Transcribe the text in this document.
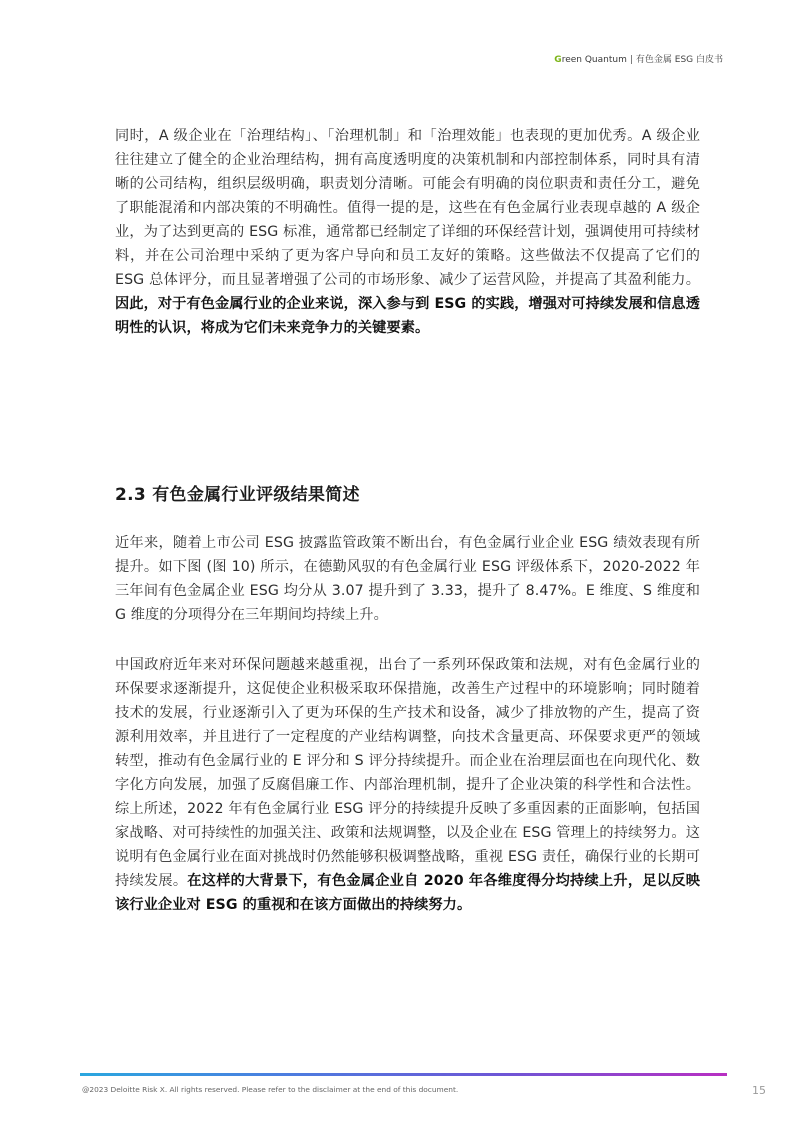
Green Quantum | 有色金属 ESG 白皮书

同时，A 级企业在「治理结构」、「治理机制」和「治理效能」也表现的更加优秀。A 级企业往往建立了健全的企业治理结构，拥有高度透明度的决策机制和内部控制体系，同时具有清晰的公司结构，组织层级明确，职责划分清晰。可能会有明确的岗位职责和责任分工，避免了职能混淆和内部决策的不明确性。值得一提的是，这些在有色金属行业表现卓越的 A 级企业，为了达到更高的 ESG 标准，通常都已经制定了详细的环保经营计划，强调使用可持续材料，并在公司治理中采纳了更为客户导向和员工友好的策略。这些做法不仅提高了它们的 ESG 总体评分，而且显著增强了公司的市场形象、减少了运营风险，并提高了其盈利能力。因此，对于有色金属行业的企业来说，深入参与到 ESG 的实践，增强对可持续发展和信息透明性的认识，将成为它们未来竞争力的关键要素。

2.3 有色金属行业评级结果简述

近年来，随着上市公司 ESG 披露监管政策不断出台，有色金属行业企业 ESG 绩效表现有所提升。如下图 (图 10) 所示，在德勤风驭的有色金属行业 ESG 评级体系下，2020-2022 年三年间有色金属企业 ESG 均分从 3.07 提升到了 3.33，提升了 8.47%。E 维度、S 维度和 G 维度的分项得分在三年期间均持续上升。

中国政府近年来对环保问题越来越重视，出台了一系列环保政策和法规，对有色金属行业的环保要求逐渐提升，这促使企业积极采取环保措施，改善生产过程中的环境影响；同时随着技术的发展，行业逐渐引入了更为环保的生产技术和设备，减少了排放物的产生，提高了资源利用效率，并且进行了一定程度的产业结构调整，向技术含量更高、环保要求更严的领域转型，推动有色金属行业的 E 评分和 S 评分持续提升。而企业在治理层面也在向现代化、数字化方向发展，加强了反腐倡廉工作、内部治理机制，提升了企业决策的科学性和合法性。综上所述，2022 年有色金属行业 ESG 评分的持续提升反映了多重因素的正面影响，包括国家战略、对可持续性的加强关注、政策和法规调整，以及企业在 ESG 管理上的持续努力。这说明有色金属行业在面对挑战时仍然能够积极调整战略，重视 ESG 责任，确保行业的长期可持续发展。在这样的大背景下，有色金属企业自 2020 年各维度得分均持续上升，足以反映该行业企业对 ESG 的重视和在该方面做出的持续努力。

@2023 Deloitte Risk X. All rights reserved. Please refer to the disclaimer at the end of this document.	15
